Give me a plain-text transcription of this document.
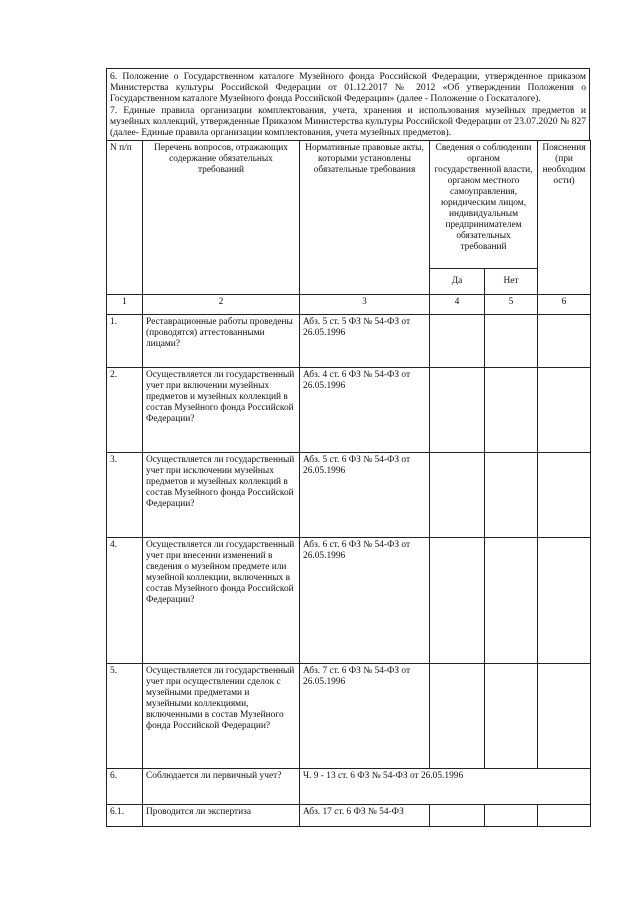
6. Положение о Государственном каталоге Музейного фонда Российской Федерации, утвержденное приказом Министерства культуры Российской Федерации от 01.12.2017 № 2012 «Об утверждении Положения о Государственном каталоге Музейного фонда Российской Федерации» (далее - Положение о Госкаталоге).

7. Единые правила организации комплектования, учета, хранения и использования музейных предметов и музейных коллекций, утвержденные Приказом Министерства культуры Российской Федерации от 23.07.2020 № 827 (далее- Единые правила организации комплектования, учета музейных предметов).

N п/п	Перечень вопросов, отражающих содержание обязательных требований	Нормативные правовые акты, которыми установлены обязательные требования	Сведения о соблюдении органом государственной власти, органом местного самоуправления, юридическим лицом, индивидуальным предпринимателем обязательных требований		Пояснения (при необходим ости)
			Да	Нет	
1	2	3	4	5	6
1.	Реставрационные работы проведены (проводятся) аттестованными лицами?	Абз. 5 ст. 5 ФЗ № 54-ФЗ от 26.05.1996			
2.	Осуществляется ли государственный учет при включении музейных предметов и музейных коллекций в состав Музейного фонда Российской Федерации?	Абз. 4 ст. 6 ФЗ № 54-ФЗ от 26.05.1996			
3.	Осуществляется ли государственный учет при исключении музейных предметов и музейных коллекций в состав Музейного фонда Российской Федерации?	Абз. 5 ст. 6 ФЗ № 54-ФЗ от 26.05.1996			
4.	Осуществляется ли государственный учет при внесении изменений в сведения о музейном предмете или музейной коллекции, включенных в состав Музейного фонда Российской Федерации?	Абз. 6 ст. 6 ФЗ № 54-ФЗ от 26.05.1996			
5.	Осуществляется ли государственный учет при осуществлении сделок с музейными предметами и музейными коллекциями, включенными в состав Музейного фонда Российской Федерации?	Абз. 7 ст. 6 ФЗ № 54-ФЗ от 26.05.1996			
6.	Соблюдается ли первичный учет?	Ч. 9 - 13 ст. 6 ФЗ № 54-ФЗ от 26.05.1996			
6.1.	Проводится ли экспертиза	Абз. 17 ст. 6 ФЗ № 54-ФЗ			
